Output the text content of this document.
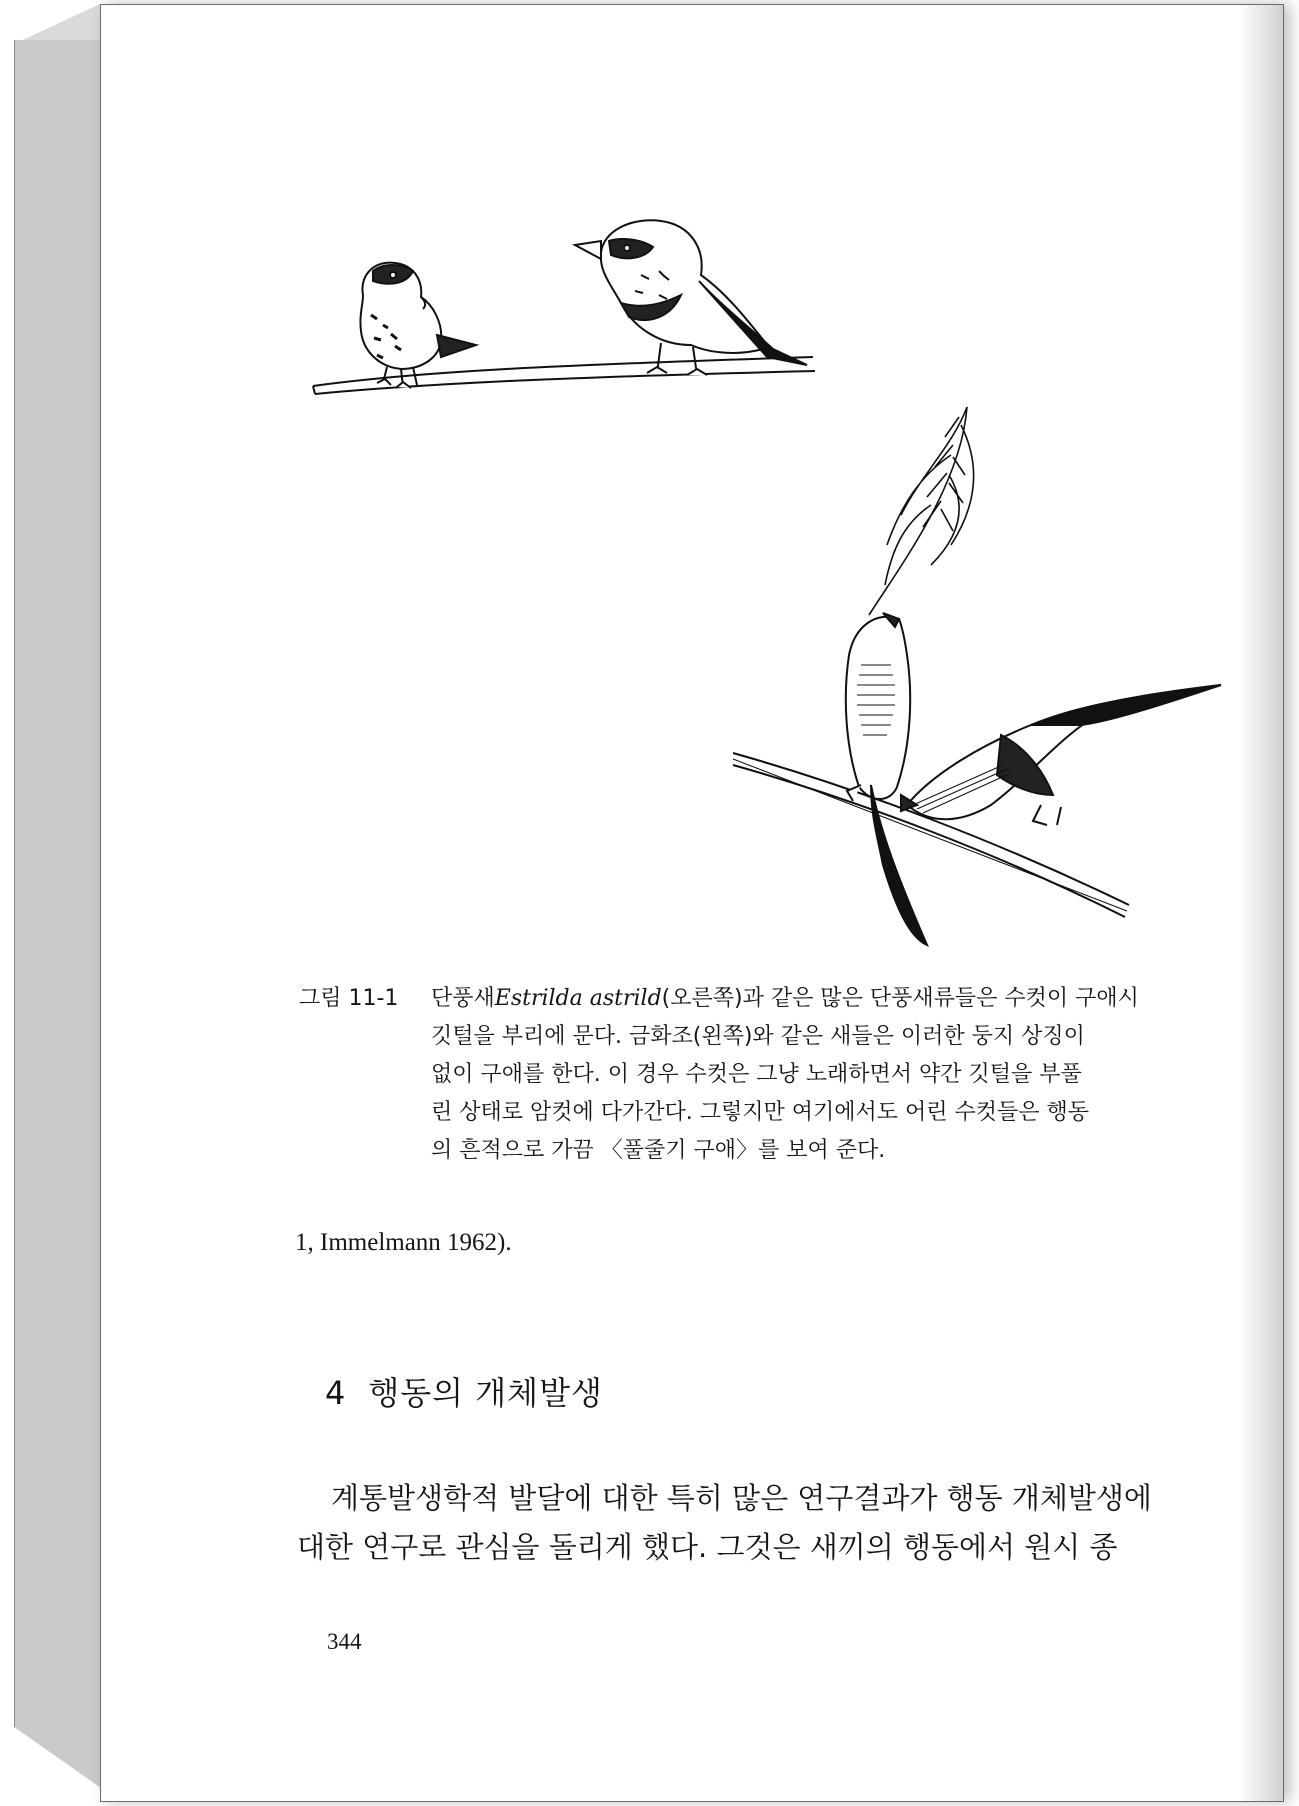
그림 11-1	단풍새Estrilda astrild(오른쪽)과 같은 많은 단풍새류들은 수컷이 구애시
깃털을 부리에 문다. 금화조(왼쪽)와 같은 새들은 이러한 둥지 상징이
없이 구애를 한다. 이 경우 수컷은 그냥 노래하면서 약간 깃털을 부풀
린 상태로 암컷에 다가간다. 그렇지만 여기에서도 어린 수컷들은 행동
의 흔적으로 가끔 〈풀줄기 구애〉를 보여 준다.
1, Immelmann 1962).
4 행동의 개체발생
계통발생학적 발달에 대한 특히 많은 연구결과가 행동 개체발생에
대한 연구로 관심을 돌리게 했다. 그것은 새끼의 행동에서 원시 종
344
